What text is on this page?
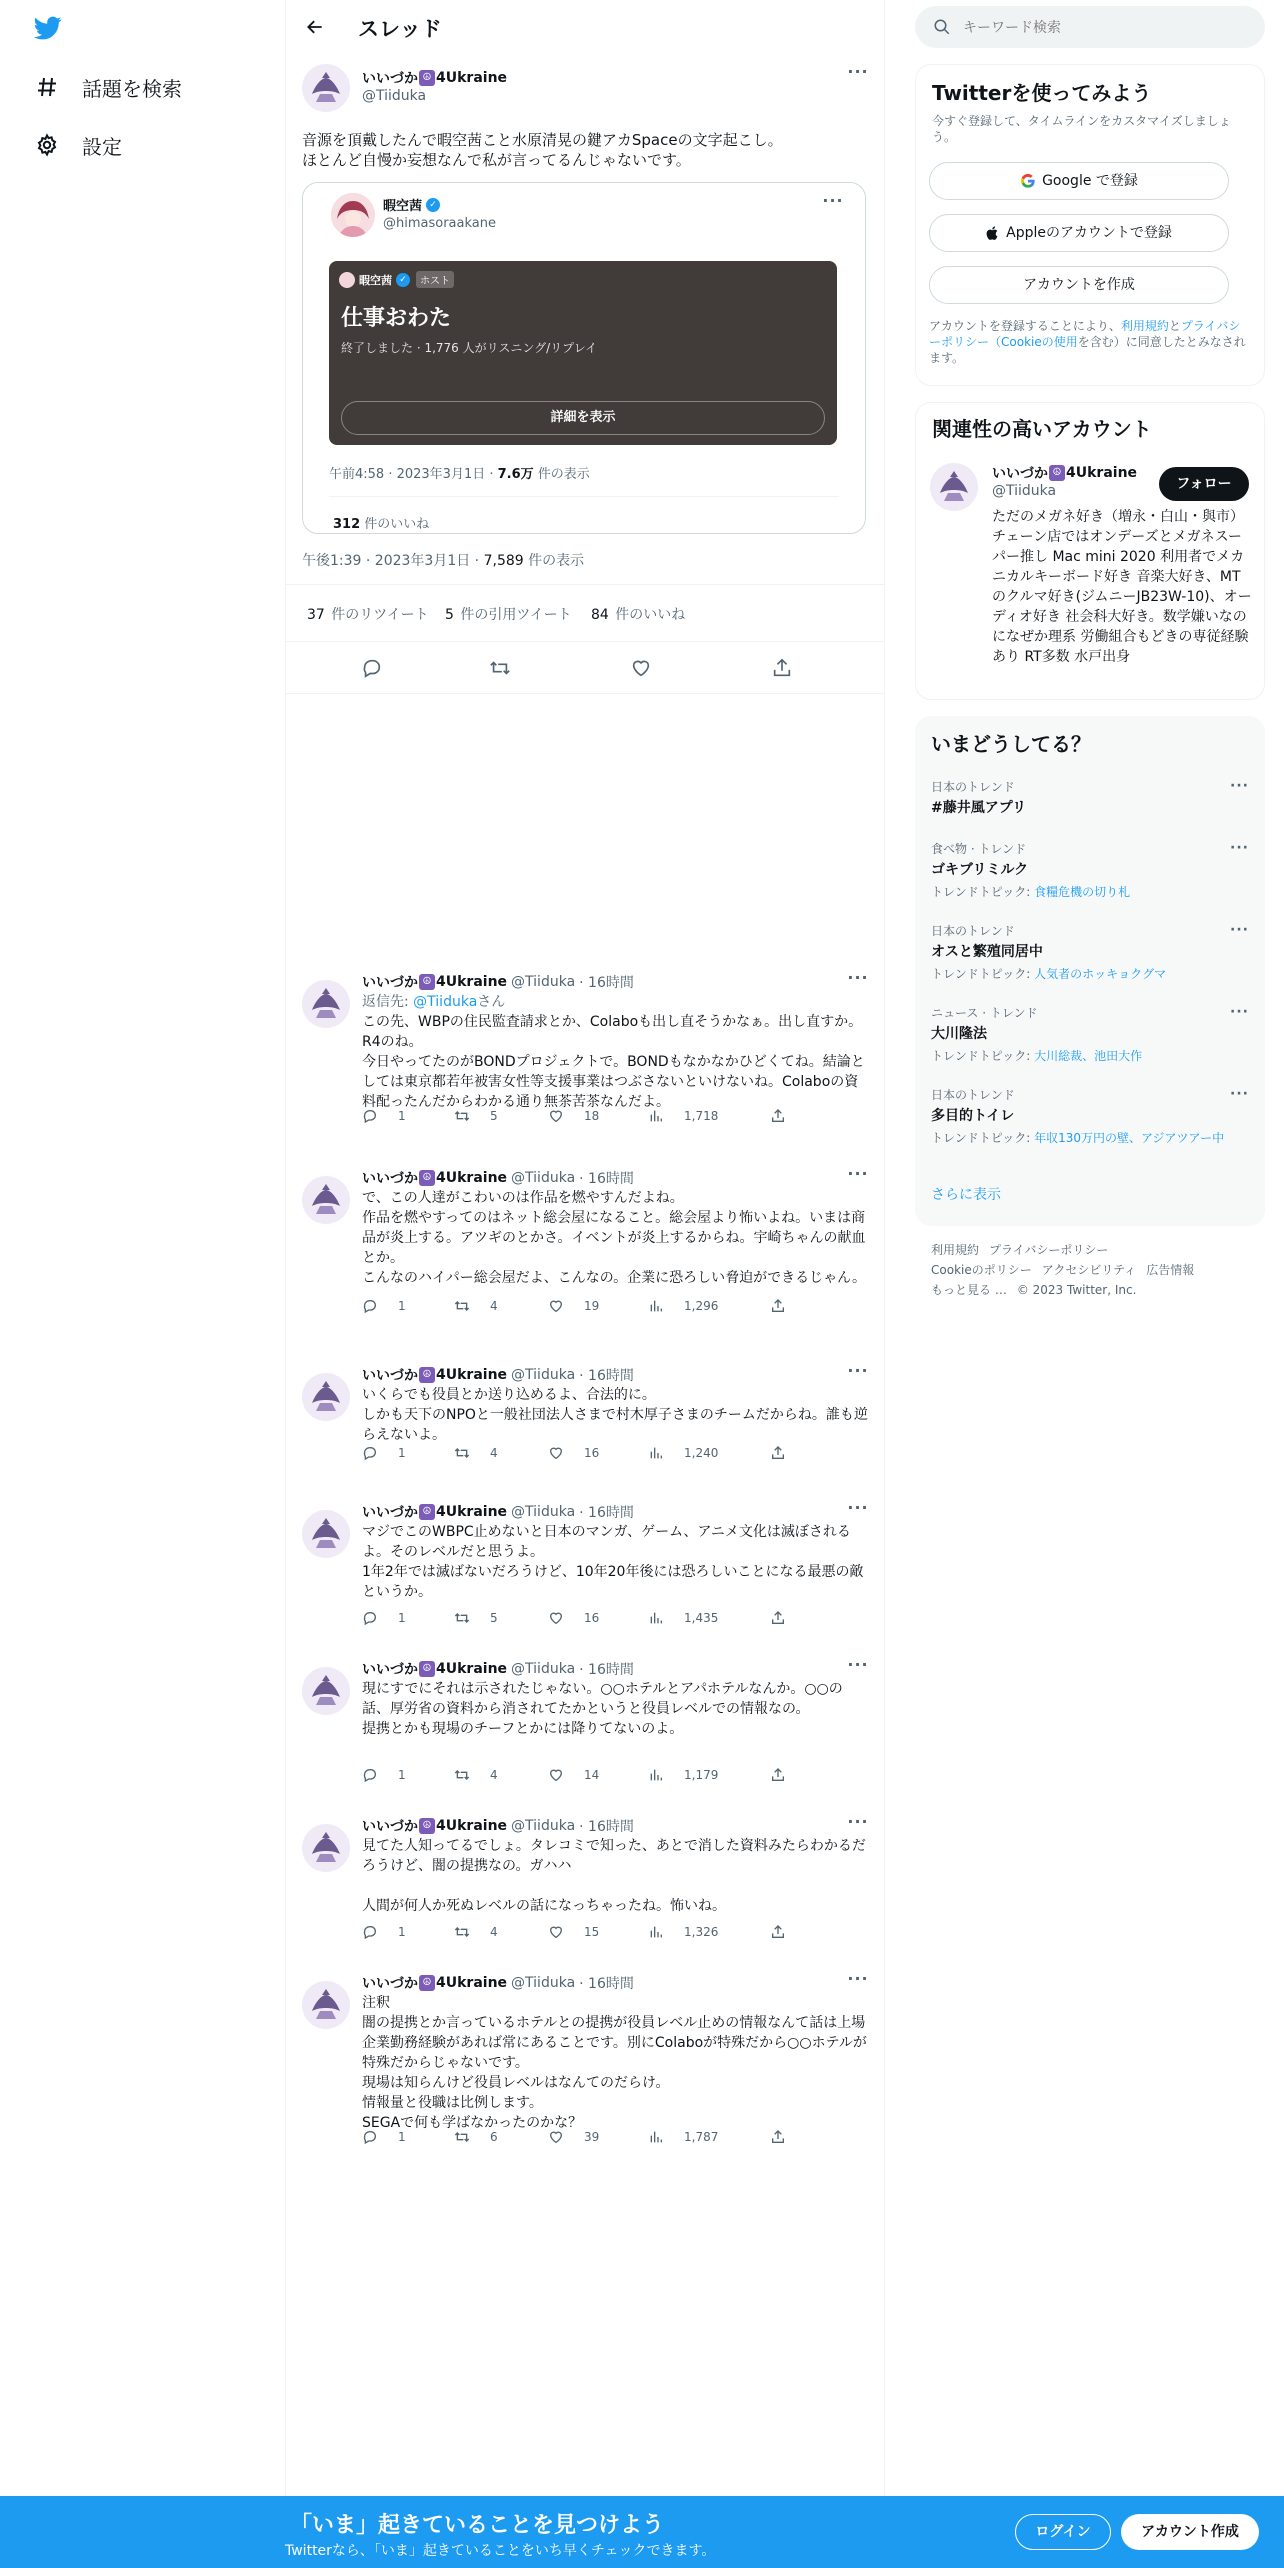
話題を検索
設定
スレッド
いいづか ☮ 4Ukraine
@Tiiduka
···
音源を頂戴したんで暇空茜こと水原清晃の鍵アカSpaceの文字起こし。
ほとんど自慢か妄想なんで私が言ってるんじゃないです。
暇空茜 ✓
@himasoraakane
···
暇空茜 ✓	ホスト
仕事おわた
終了しました · 1,776 人がリスニング/リプレイ
詳細を表示
午前4:58 · 2023年3月1日 · 7.6万 件の表示
312 件のいいね
午後1:39 · 2023年3月1日 · 7,589 件の表示
37 件のリツイート 5 件の引用ツイート 84 件のいいね
いいづか ☮ 4Ukraine @Tiiduka · 16時間	···
返信先: @Tiidukaさん
この先、WBPの住民監査請求とか、Colaboも出し直そうかなぁ。出し直すか。R4のね。
今日やってたのがBONDプロジェクトで。BONDもなかなかひどくてね。結論としては東京都若年被害女性等支援事業はつぶさないといけないね。Colaboの資料配ったんだからわかる通り無茶苦茶なんだよ。
1	5	18	1,718
いいづか ☮ 4Ukraine @Tiiduka · 16時間	···
で、この人達がこわいのは作品を燃やすんだよね。
作品を燃やすってのはネット総会屋になること。総会屋より怖いよね。いまは商品が炎上する。アツギのとかさ。イベントが炎上するからね。宇崎ちゃんの献血とか。
こんなのハイパー総会屋だよ、こんなの。企業に恐ろしい脅迫ができるじゃん。
1	4	19	1,296
いいづか ☮ 4Ukraine @Tiiduka · 16時間	···
いくらでも役員とか送り込めるよ、合法的に。
しかも天下のNPOと一般社団法人さまで村木厚子さまのチームだからね。誰も逆らえないよ。
1	4	16	1,240
いいづか ☮ 4Ukraine @Tiiduka · 16時間	···
マジでこのWBPC止めないと日本のマンガ、ゲーム、アニメ文化は滅ぼされるよ。そのレベルだと思うよ。
1年2年では滅ばないだろうけど、10年20年後には恐ろしいことになる最悪の敵というか。
1	5	16	1,435
いいづか ☮ 4Ukraine @Tiiduka · 16時間	···
現にすでにそれは示されたじゃない。○○ホテルとアパホテルなんか。○○の話、厚労省の資料から消されてたかというと役員レベルでの情報なの。
提携とかも現場のチーフとかには降りてないのよ。
1	4	14	1,179
いいづか ☮ 4Ukraine @Tiiduka · 16時間	···
見てた人知ってるでしょ。タレコミで知った、あとで消した資料みたらわかるだろうけど、闇の提携なの。ガハハ

人間が何人か死ぬレベルの話になっちゃったね。怖いね。
1	4	15	1,326
いいづか ☮ 4Ukraine @Tiiduka · 16時間	···
注釈
闇の提携とか言っているホテルとの提携が役員レベル止めの情報なんて話は上場企業勤務経験があれば常にあることです。別にColaboが特殊だから○○ホテルが特殊だからじゃないです。
現場は知らんけど役員レベルはなんてのだらけ。
情報量と役職は比例します。
SEGAで何も学ばなかったのかな？
1	6	39	1,787
キーワード検索
Twitterを使ってみよう
今すぐ登録して、タイムラインをカスタマイズしましょう。
Google で登録
Appleのアカウントで登録
アカウントを作成
アカウントを登録することにより、利用規約とプライバシーポリシー（Cookieの使用を含む）に同意したとみなされます。
関連性の高いアカウント
いいづか ☮ 4Ukraine
@Tiiduka	フォロー
ただのメガネ好き（増永・白山・與市） チェーン店ではオンデーズとメガネスーパー推し Mac mini 2020 利用者でメカニカルキーボード好き 音楽大好き、MTのクルマ好き(ジムニーJB23W-10)、オーディオ好き 社会科大好き。数学嫌いなのになぜか理系 労働組合もどきの専従経験あり RT多数 水戸出身
いまどうしてる？
日本のトレンド
#藤井風アプリ
···
食べ物 · トレンド
ゴキブリミルク
トレンドトピック: 食糧危機の切り札
···
日本のトレンド
オスと繁殖同居中
トレンドトピック: 人気者のホッキョクグマ
···
ニュース · トレンド
大川隆法
トレンドトピック: 大川総裁、池田大作
···
日本のトレンド
多目的トイレ
トレンドトピック: 年収130万円の壁、アジアツアー中
···
さらに表示
利用規約 プライバシーポリシー
Cookieのポリシー アクセシビリティ 広告情報
もっと見る … © 2023 Twitter, Inc.
「いま」起きていることを見つけよう
Twitterなら、「いま」起きていることをいち早くチェックできます。
ログイン	アカウント作成
